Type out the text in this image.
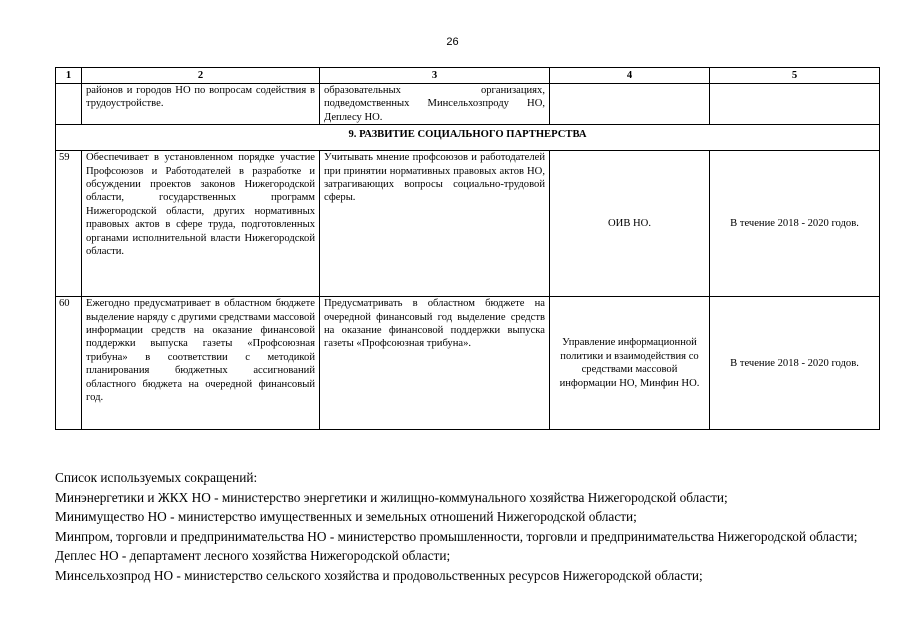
26
1	2	3	4	5
	районов и городов НО по вопросам содействия в трудоустройстве.	образовательных организациях, подведомственных Минсельхозпроду НО, Деплесу НО.		
9. РАЗВИТИЕ СОЦИАЛЬНОГО ПАРТНЕРСТВА				
59	Обеспечивает в установленном порядке участие Профсоюзов и Работодателей в разработке и обсуждении проектов законов Нижегородской области, государственных программ Нижегородской области, других нормативных правовых актов в сфере труда, подготовленных органами исполнительной власти Нижегородской области.	Учитывать мнение профсоюзов и работодателей при принятии нормативных правовых актов НО, затрагивающих вопросы социально-трудовой сферы.	ОИВ НО.	В течение 2018 - 2020 годов.
60	Ежегодно предусматривает в областном бюджете выделение наряду с другими средствами массовой информации средств на оказание финансовой поддержки выпуска газеты «Профсоюзная трибуна» в соответствии с методикой планирования бюджетных ассигнований областного бюджета на очередной финансовый год.	Предусматривать в областном бюджете на очередной финансовый год выделение средств на оказание финансовой поддержки выпуска газеты «Профсоюзная трибуна».	Управление информационной политики и взаимодействия со средствами массовой информации НО, Минфин НО.	В течение 2018 - 2020 годов.
Список используемых сокращений:
Минэнергетики и ЖКХ НО - министерство энергетики и жилищно-коммунального хозяйства Нижегородской области;
Минимущество НО - министерство имущественных и земельных отношений Нижегородской области;
Минпром, торговли и предпринимательства НО - министерство промышленности, торговли и предпринимательства Нижегородской области;
Деплес НО - департамент лесного хозяйства Нижегородской области;
Минсельхозпрод НО - министерство сельского хозяйства и продовольственных ресурсов Нижегородской области;
